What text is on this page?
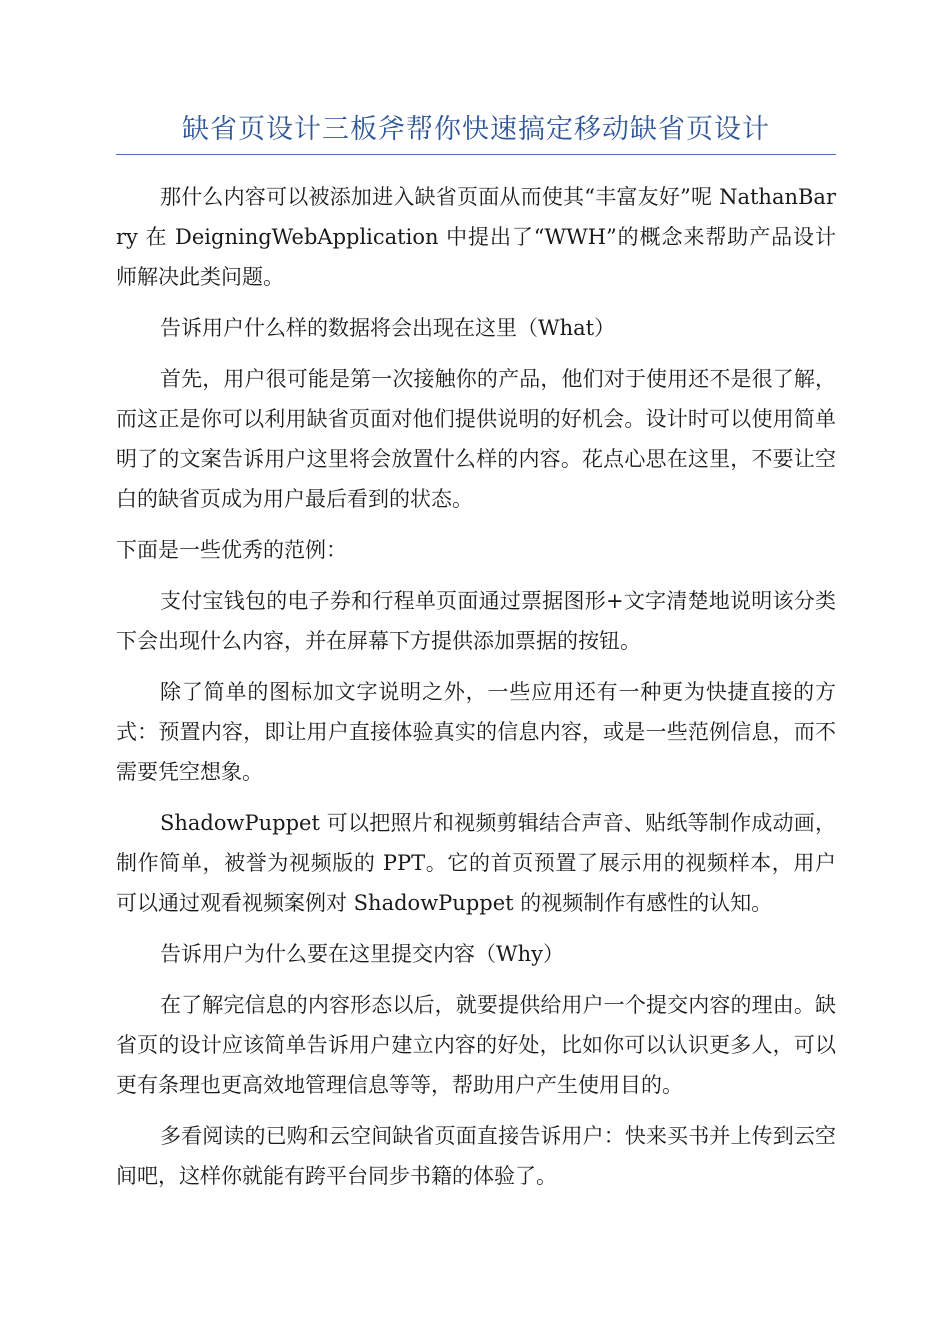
缺省页设计三板斧帮你快速搞定移动缺省页设计

那什么内容可以被添加进入缺省页面从而使其“丰富友好”呢 NathanBarry 在 DeigningWebApplication 中提出了“WWH”的概念来帮助产品设计师解决此类问题。

告诉用户什么样的数据将会出现在这里（What）

首先，用户很可能是第一次接触你的产品，他们对于使用还不是很了解，而这正是你可以利用缺省页面对他们提供说明的好机会。设计时可以使用简单明了的文案告诉用户这里将会放置什么样的内容。花点心思在这里，不要让空白的缺省页成为用户最后看到的状态。

下面是一些优秀的范例：

支付宝钱包的电子券和行程单页面通过票据图形+文字清楚地说明该分类下会出现什么内容，并在屏幕下方提供添加票据的按钮。

除了简单的图标加文字说明之外，一些应用还有一种更为快捷直接的方式：预置内容，即让用户直接体验真实的信息内容，或是一些范例信息，而不需要凭空想象。

ShadowPuppet 可以把照片和视频剪辑结合声音、贴纸等制作成动画，制作简单，被誉为视频版的 PPT。它的首页预置了展示用的视频样本，用户可以通过观看视频案例对 ShadowPuppet 的视频制作有感性的认知。

告诉用户为什么要在这里提交内容（Why）

在了解完信息的内容形态以后，就要提供给用户一个提交内容的理由。缺省页的设计应该简单告诉用户建立内容的好处，比如你可以认识更多人，可以更有条理也更高效地管理信息等等，帮助用户产生使用目的。

多看阅读的已购和云空间缺省页面直接告诉用户：快来买书并上传到云空间吧，这样你就能有跨平台同步书籍的体验了。
